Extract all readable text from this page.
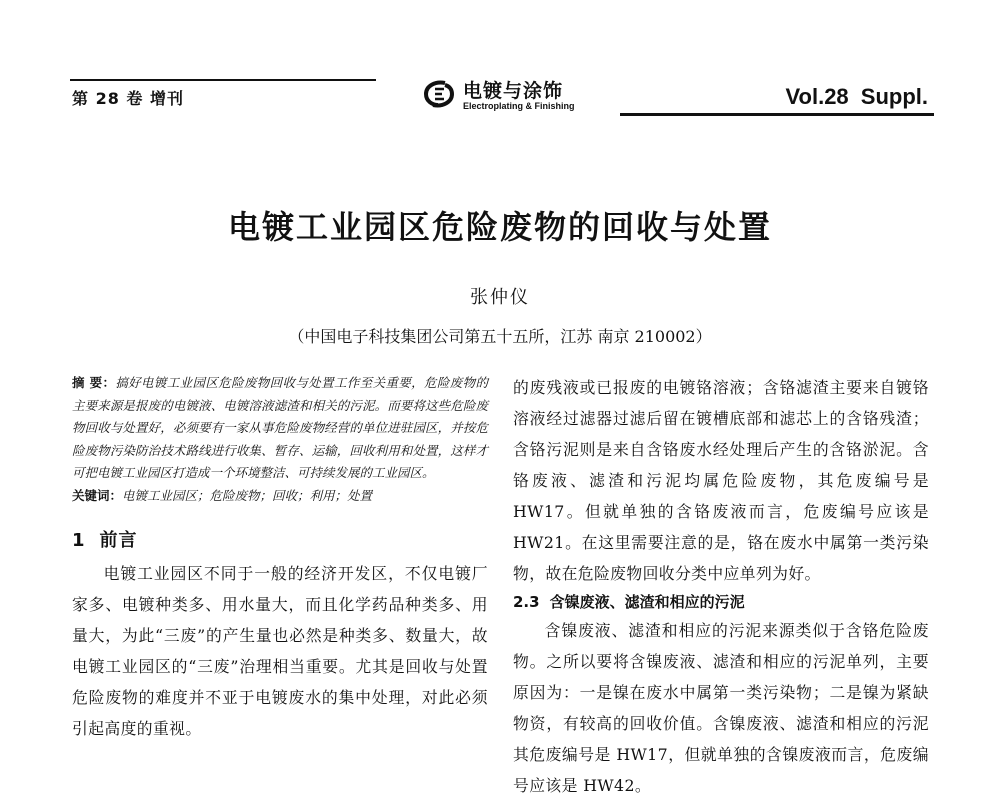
第 28 卷 增刊	电镀与涂饰
Electroplating & Finishing	Vol.28 Suppl.
电镀工业园区危险废物的回收与处置
张仲仪
（中国电子科技集团公司第五十五所，江苏 南京 210002）

摘 要：搞好电镀工业园区危险废物回收与处置工作至关重要，危险废物的主要来源是报废的电镀液、电镀溶液滤渣和相关的污泥。而要将这些危险废物回收与处置好，必须要有一家从事危险废物经营的单位进驻园区，并按危险废物污染防治技术路线进行收集、暂存、运输，回收利用和处置，这样才可把电镀工业园区打造成一个环境整洁、可持续发展的工业园区。

关键词：电镀工业园区；危险废物；回收；利用；处置

1 前言

电镀工业园区不同于一般的经济开发区，不仅电镀厂家多、电镀种类多、用水量大，而且化学药品种类多、用量大，为此“三废”的产生量也必然是种类多、数量大，故电镀工业园区的“三废”治理相当重要。尤其是回收与处置危险废物的难度并不亚于电镀废水的集中处理，对此必须引起高度的重视。

的废残液或已报废的电镀铬溶液；含铬滤渣主要来自镀铬溶液经过滤器过滤后留在镀槽底部和滤芯上的含铬残渣；含铬污泥则是来自含铬废水经处理后产生的含铬淤泥。含铬废液、滤渣和污泥均属危险废物，其危废编号是 HW17。但就单独的含铬废液而言，危废编号应该是 HW21。在这里需要注意的是，铬在废水中属第一类污染物，故在危险废物回收分类中应单列为好。

2.3 含镍废液、滤渣和相应的污泥

含镍废液、滤渣和相应的污泥来源类似于含铬危险废物。之所以要将含镍废液、滤渣和相应的污泥单列，主要原因为：一是镍在废水中属第一类污染物；二是镍为紧缺物资，有较高的回收价值。含镍废液、滤渣和相应的污泥其危废编号是 HW17，但就单独的含镍废液而言，危废编号应该是 HW42。
